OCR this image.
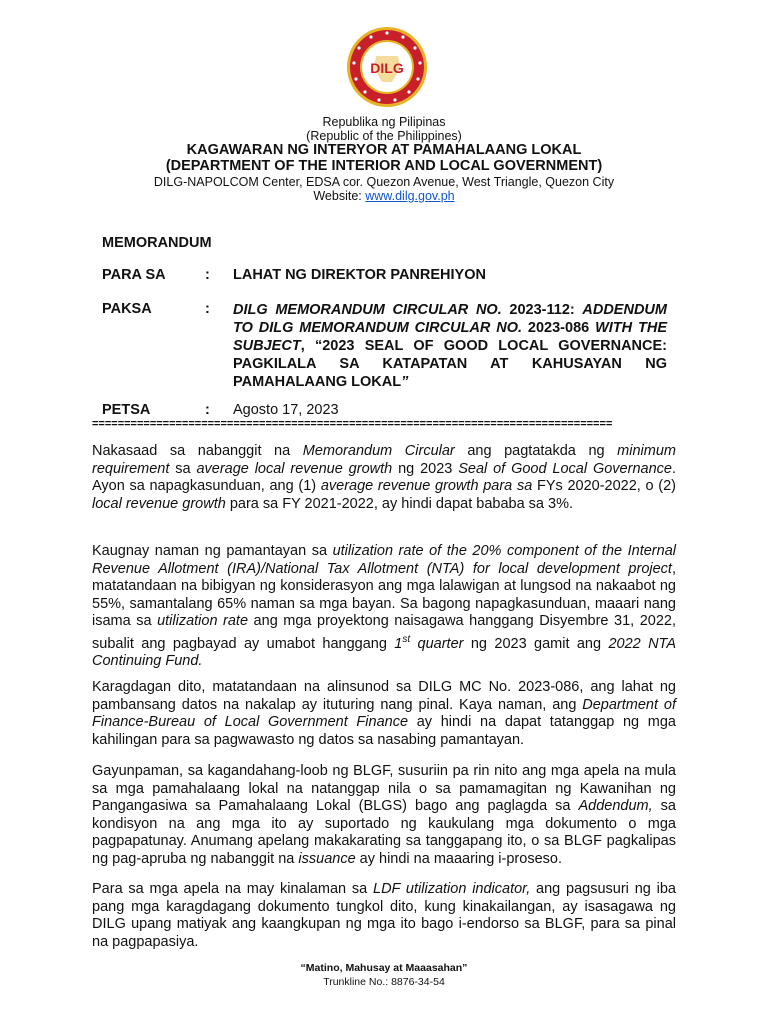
DILG
Republika ng Pilipinas
(Republic of the Philippines)
KAGAWARAN NG INTERYOR AT PAMAHALAANG LOKAL
(DEPARTMENT OF THE INTERIOR AND LOCAL GOVERNMENT)
DILG-NAPOLCOM Center, EDSA cor. Quezon Avenue, West Triangle, Quezon City
Website: www.dilg.gov.ph
MEMORANDUM
PARA SA	: LAHAT NG DIREKTOR PANREHIYON
PAKSA	: DILG MEMORANDUM CIRCULAR NO. 2023-112: ADDENDUM TO DILG MEMORANDUM CIRCULAR NO. 2023-086 WITH THE SUBJECT, “2023 SEAL OF GOOD LOCAL GOVERNANCE: PAGKILALA SA KATAPATAN AT KAHUSAYAN NG PAMAHALAANG LOKAL”
PETSA	: Agosto 17, 2023
=================================================================================
Nakasaad sa nabanggit na Memorandum Circular ang pagtatakda ng minimum requirement sa average local revenue growth ng 2023 Seal of Good Local Governance. Ayon sa napagkasunduan, ang (1) average revenue growth para sa FYs 2020-2022, o (2) local revenue growth para sa FY 2021-2022, ay hindi dapat bababa sa 3%.
Kaugnay naman ng pamantayan sa utilization rate of the 20% component of the Internal Revenue Allotment (IRA)/National Tax Allotment (NTA) for local development project, matatandaan na bibigyan ng konsiderasyon ang mga lalawigan at lungsod na nakaabot ng 55%, samantalang 65% naman sa mga bayan. Sa bagong napagkasunduan, maaari nang isama sa utilization rate ang mga proyektong naisagawa hanggang Disyembre 31, 2022, subalit ang pagbayad ay umabot hanggang 1st quarter ng 2023 gamit ang 2022 NTA Continuing Fund.
Karagdagan dito, matatandaan na alinsunod sa DILG MC No. 2023-086, ang lahat ng pambansang datos na nakalap ay ituturing nang pinal. Kaya naman, ang Department of Finance-Bureau of Local Government Finance ay hindi na dapat tatanggap ng mga kahilingan para sa pagwawasto ng datos sa nasabing pamantayan.
Gayunpaman, sa kagandahang-loob ng BLGF, susuriin pa rin nito ang mga apela na mula sa mga pamahalaang lokal na natanggap nila o sa pamamagitan ng Kawanihan ng Pangangasiwa sa Pamahalaang Lokal (BLGS) bago ang paglagda sa Addendum, sa kondisyon na ang mga ito ay suportado ng kaukulang mga dokumento o mga pagpapatunay. Anumang apelang makakarating sa tanggapang ito, o sa BLGF pagkalipas ng pag-apruba ng nabanggit na issuance ay hindi na maaaring i-proseso.
Para sa mga apela na may kinalaman sa LDF utilization indicator, ang pagsusuri ng iba pang mga karagdagang dokumento tungkol dito, kung kinakailangan, ay isasagawa ng DILG upang matiyak ang kaangkupan ng mga ito bago i-endorso sa BLGF, para sa pinal na pagpapasiya.
“Matino, Mahusay at Maaasahan”
Trunkline No.: 8876-34-54
